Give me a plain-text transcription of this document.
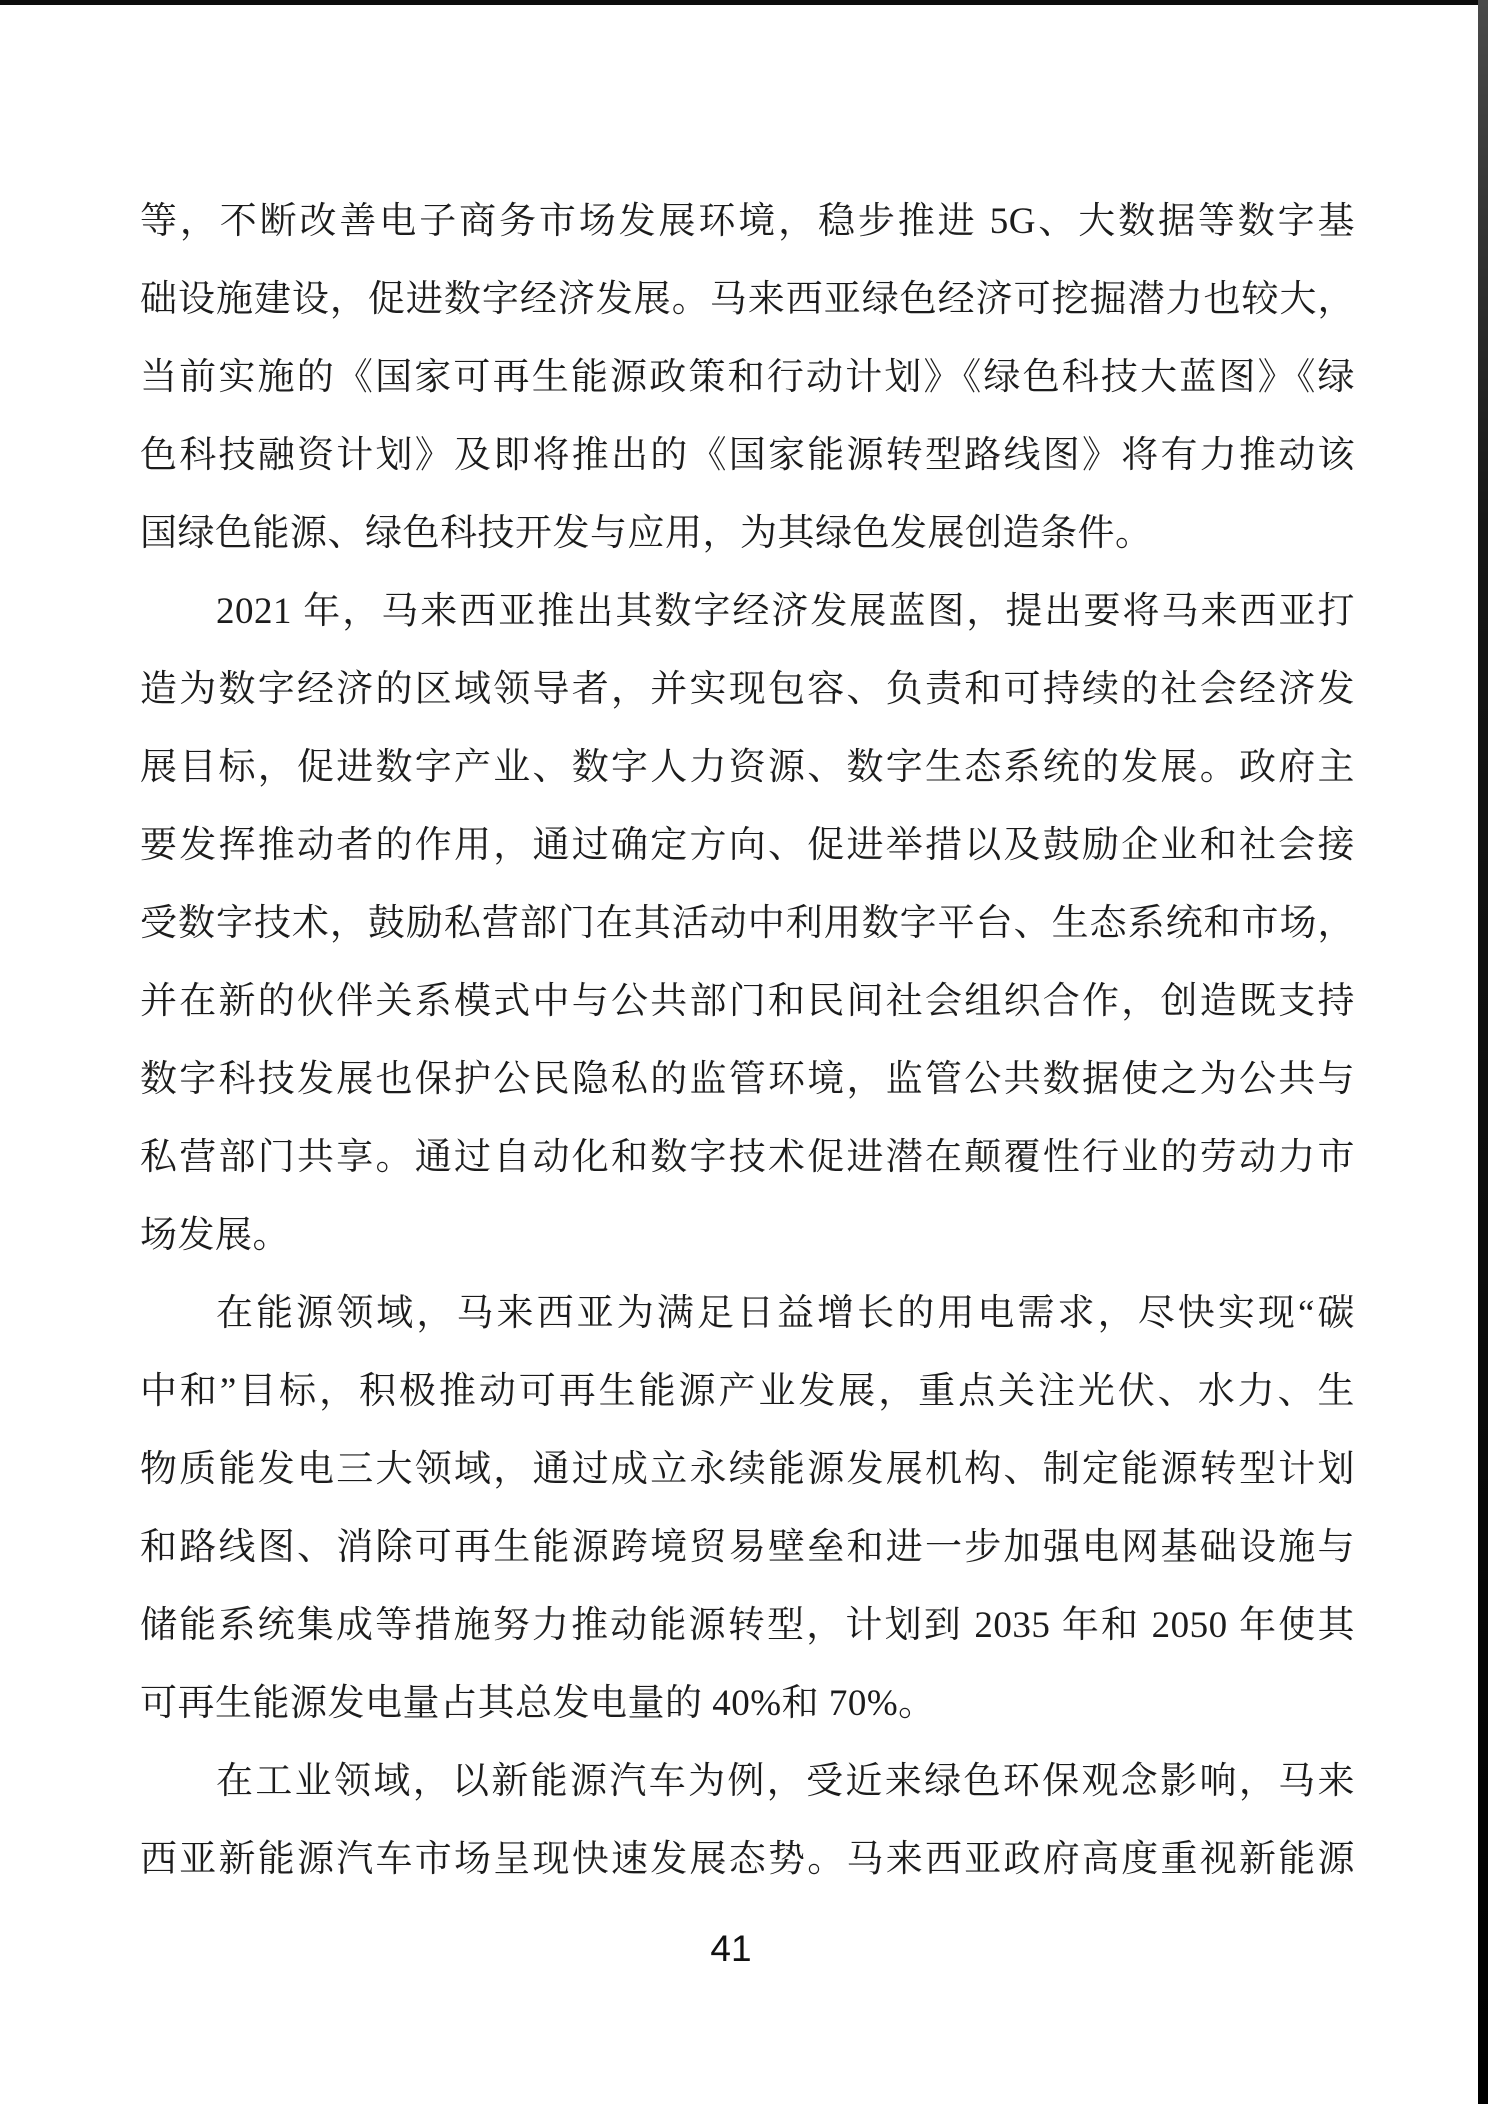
等，不断改善电子商务市场发展环境，稳步推进 5G、大数据等数字基
础设施建设，促进数字经济发展。马来西亚绿色经济可挖掘潜力也较大，
当前实施的《国家可再生能源政策和行动计划》《绿色科技大蓝图》《绿
色科技融资计划》及即将推出的《国家能源转型路线图》将有力推动该
国绿色能源、绿色科技开发与应用，为其绿色发展创造条件。
2021 年，马来西亚推出其数字经济发展蓝图，提出要将马来西亚打
造为数字经济的区域领导者，并实现包容、负责和可持续的社会经济发
展目标，促进数字产业、数字人力资源、数字生态系统的发展。政府主
要发挥推动者的作用，通过确定方向、促进举措以及鼓励企业和社会接
受数字技术，鼓励私营部门在其活动中利用数字平台、生态系统和市场，
并在新的伙伴关系模式中与公共部门和民间社会组织合作，创造既支持
数字科技发展也保护公民隐私的监管环境，监管公共数据使之为公共与
私营部门共享。通过自动化和数字技术促进潜在颠覆性行业的劳动力市
场发展。
在能源领域，马来西亚为满足日益增长的用电需求，尽快实现“碳
中和”目标，积极推动可再生能源产业发展，重点关注光伏、水力、生
物质能发电三大领域，通过成立永续能源发展机构、制定能源转型计划
和路线图、消除可再生能源跨境贸易壁垒和进一步加强电网基础设施与
储能系统集成等措施努力推动能源转型，计划到 2035 年和 2050 年使其
可再生能源发电量占其总发电量的 40%和 70%。
在工业领域，以新能源汽车为例，受近来绿色环保观念影响，马来
西亚新能源汽车市场呈现快速发展态势。马来西亚政府高度重视新能源
41
